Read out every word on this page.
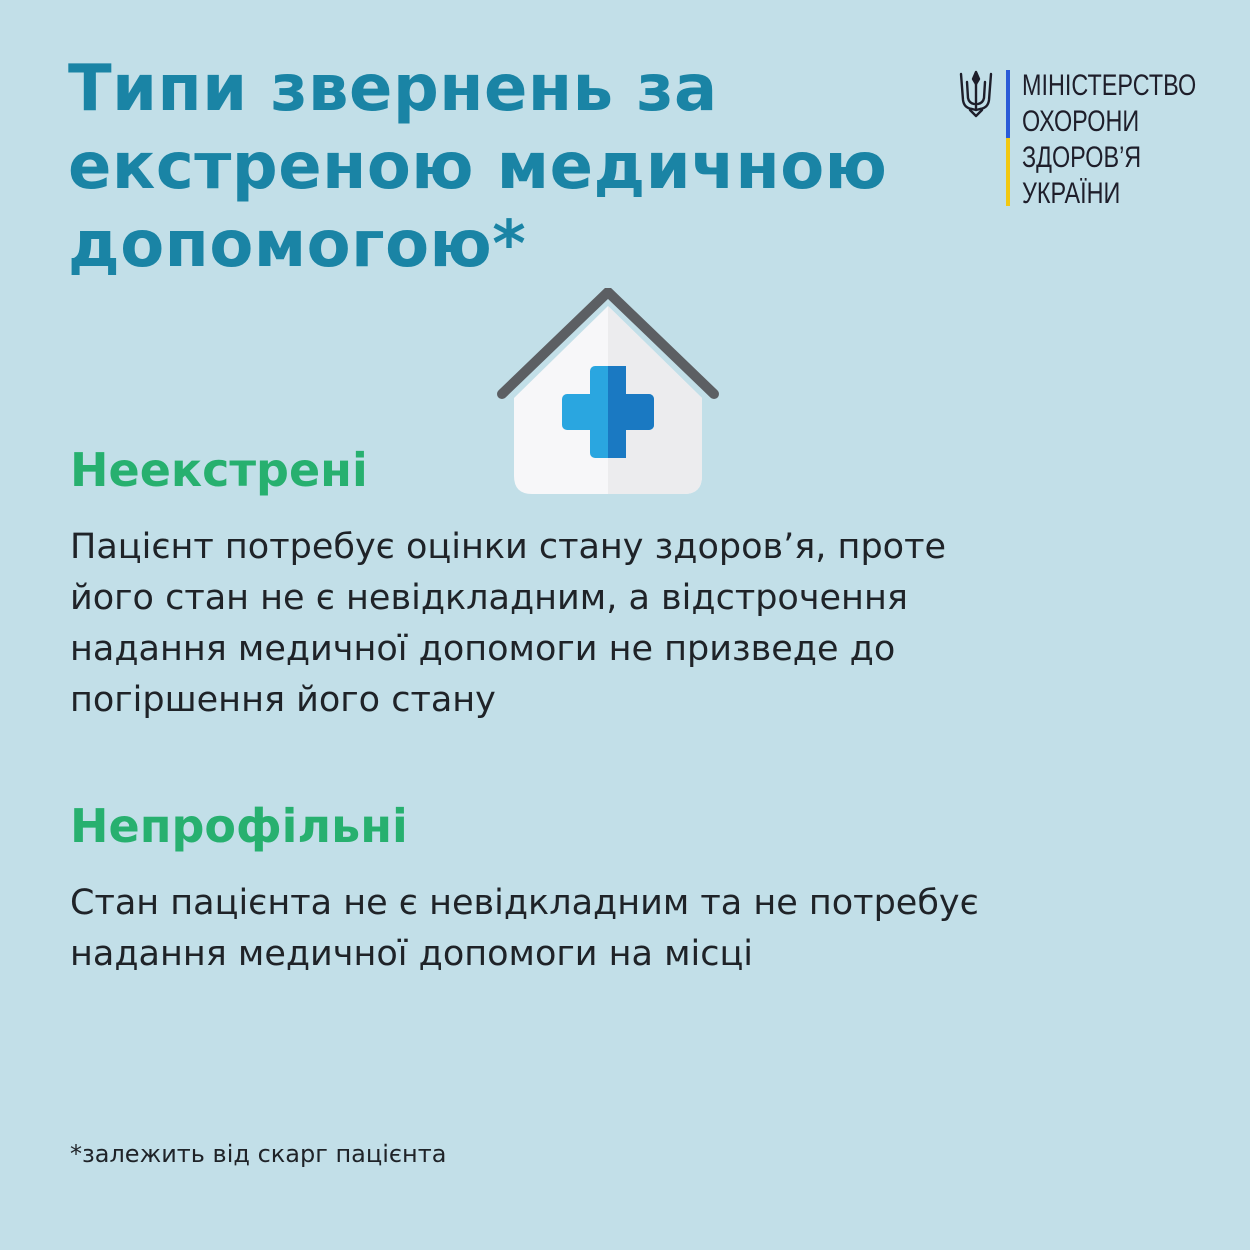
Типи звернень за
екстреною медичною
допомогою*
МІНІСТЕРСТВО
ОХОРОНИ
ЗДОРОВ’Я
УКРАЇНИ
Неекстрені

Пацієнт потребує оцінки стану здоров’я, проте
його стан не є невідкладним, а відстрочення
надання медичної допомоги не призведе до
погіршення його стану

Непрофільні

Стан пацієнта не є невідкладним та не потребує
надання медичної допомоги на місці

*залежить від скарг пацієнта
